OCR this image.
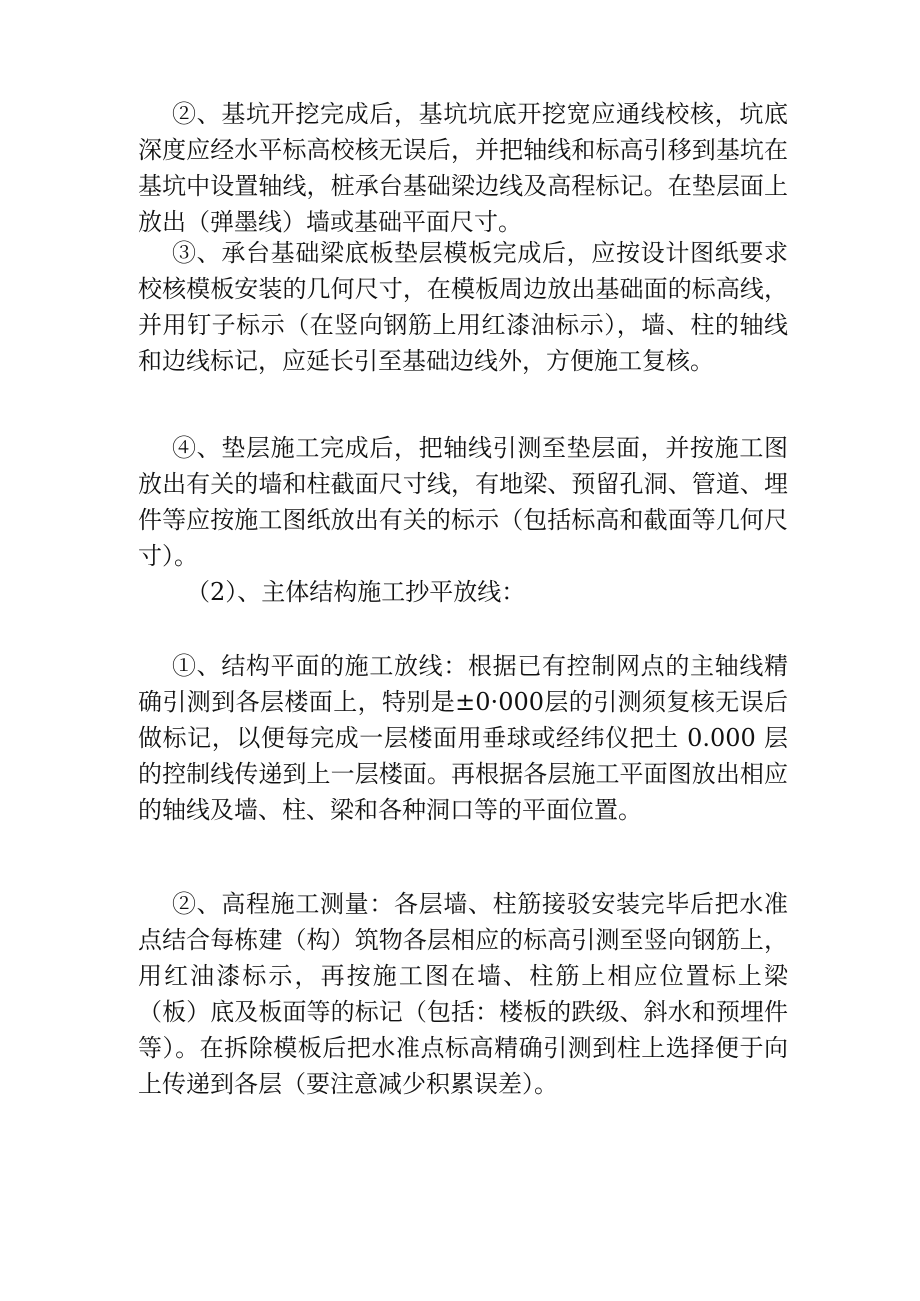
②、基坑开挖完成后，基坑坑底开挖宽应通线校核，坑底深度应经水平标高校核无误后，并把轴线和标高引移到基坑在基坑中设置轴线，桩承台基础梁边线及高程标记。在垫层面上放出（弹墨线）墙或基础平面尺寸。

③、承台基础梁底板垫层模板完成后，应按设计图纸要求校核模板安装的几何尺寸，在模板周边放出基础面的标高线，并用钉子标示（在竖向钢筋上用红漆油标示），墙、柱的轴线和边线标记，应延长引至基础边线外，方便施工复核。

④、垫层施工完成后，把轴线引测至垫层面，并按施工图放出有关的墙和柱截面尺寸线，有地梁、预留孔洞、管道、埋件等应按施工图纸放出有关的标示（包括标高和截面等几何尺寸）。

（2）、主体结构施工抄平放线：

①、结构平面的施工放线：根据已有控制网点的主轴线精确引测到各层楼面上，特别是±0·000层的引测须复核无误后做标记，以便每完成一层楼面用垂球或经纬仪把土 0.000 层的控制线传递到上一层楼面。再根据各层施工平面图放出相应的轴线及墙、柱、梁和各种洞口等的平面位置。

②、高程施工测量：各层墙、柱筋接驳安装完毕后把水准点结合每栋建（构）筑物各层相应的标高引测至竖向钢筋上，用红油漆标示，再按施工图在墙、柱筋上相应位置标上梁（板）底及板面等的标记（包括：楼板的跌级、斜水和预埋件等）。在拆除模板后把水准点标高精确引测到柱上选择便于向上传递到各层（要注意减少积累误差）。
